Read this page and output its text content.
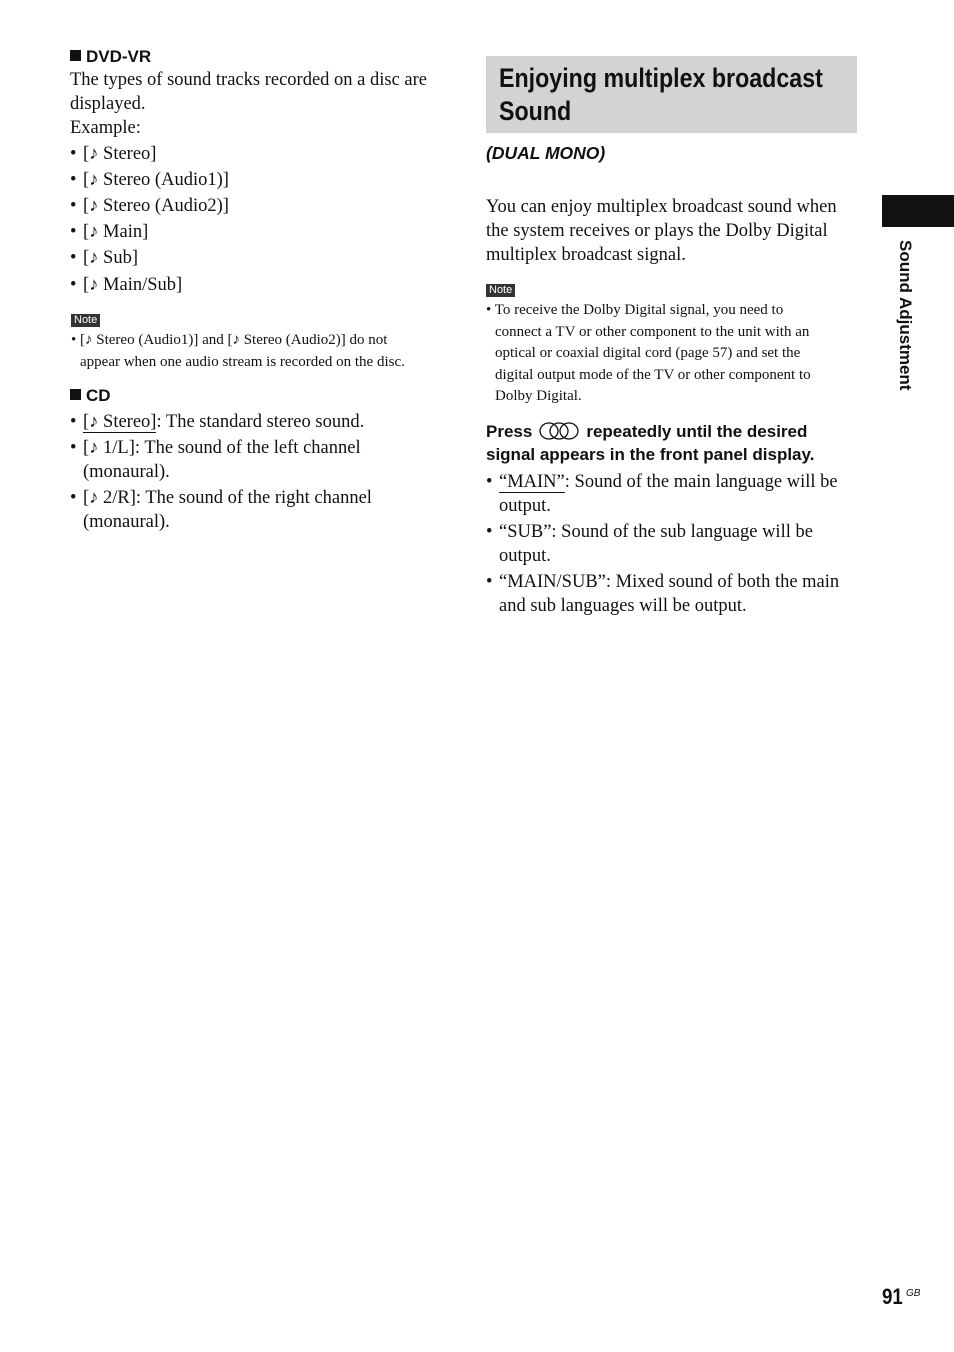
DVD-VR
The types of sound tracks recorded on a disc are
displayed.
Example:
• [♪ Stereo]
• [♪ Stereo (Audio1)]
• [♪ Stereo (Audio2)]
• [♪ Main]
• [♪ Sub]
• [♪ Main/Sub]
Note
• [♪ Stereo (Audio1)] and [♪ Stereo (Audio2)] do not
appear when one audio stream is recorded on the disc.
CD
• [♪ Stereo]: The standard stereo sound.
• [♪ 1/L]: The sound of the left channel
(monaural).
• [♪ 2/R]: The sound of the right channel
(monaural).
Enjoying multiplex broadcast
Sound
(DUAL MONO)
You can enjoy multiplex broadcast sound when
the system receives or plays the Dolby Digital
multiplex broadcast signal.
Note
• To receive the Dolby Digital signal, you need to
connect a TV or other component to the unit with an
optical or coaxial digital cord (page 57) and set the
digital output mode of the TV or other component to
Dolby Digital.
Press	repeatedly until the desired
signal appears in the front panel display.
• “MAIN”: Sound of the main language will be
output.
• “SUB”: Sound of the sub language will be
output.
• “MAIN/SUB”: Mixed sound of both the main
and sub languages will be output.
Sound Adjustment
91 GB
